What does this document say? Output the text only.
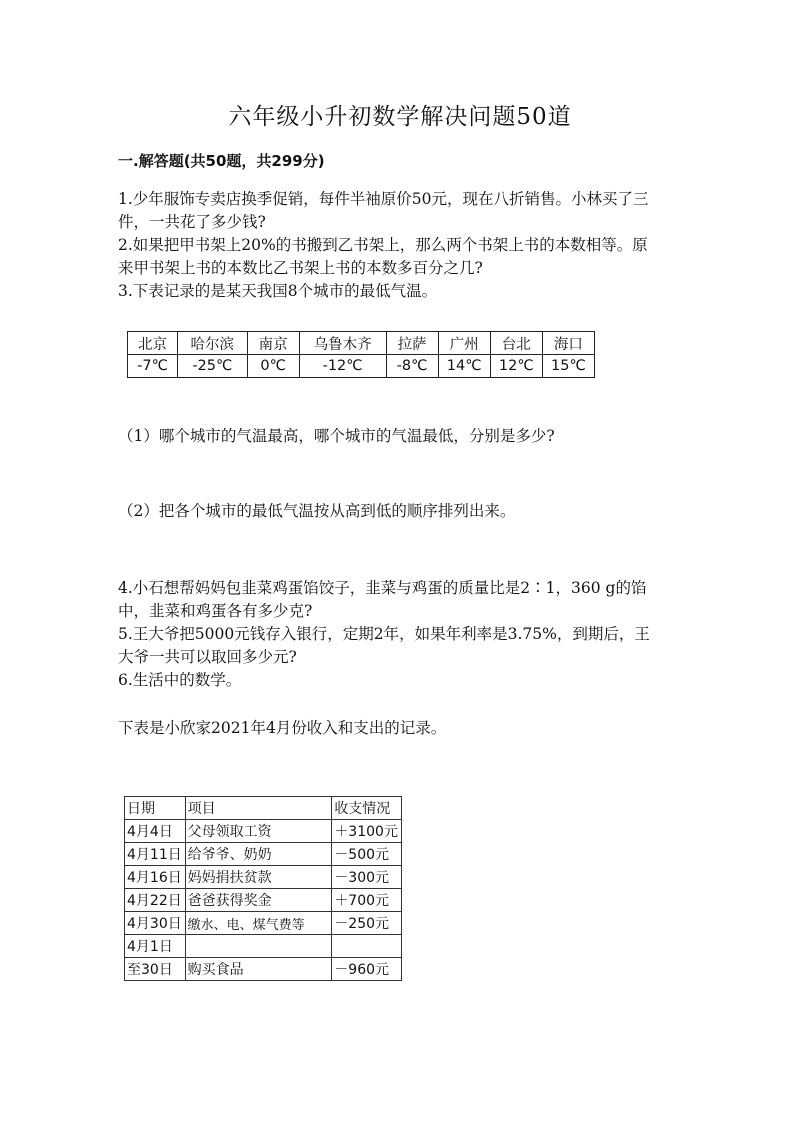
六年级小升初数学解决问题50道
一.解答题(共50题，共299分)
1.少年服饰专卖店换季促销，每件半袖原价50元，现在八折销售。小林买了三
件，一共花了多少钱?
2.如果把甲书架上20%的书搬到乙书架上，那么两个书架上书的本数相等。原
来甲书架上书的本数比乙书架上书的本数多百分之几?
3.下表记录的是某天我国8个城市的最低气温。
北京	哈尔滨	南京	乌鲁木齐	拉萨	广州	台北	海口
-7℃	-25℃	0℃	-12℃	-8℃	14℃	12℃	15℃
（1）哪个城市的气温最高，哪个城市的气温最低，分别是多少?
（2）把各个城市的最低气温按从高到低的顺序排列出来。
4.小石想帮妈妈包韭菜鸡蛋馅饺子，韭菜与鸡蛋的质量比是2∶1，360 g的馅
中，韭菜和鸡蛋各有多少克?
5.王大爷把5000元钱存入银行，定期2年，如果年利率是3.75%，到期后，王
大爷一共可以取回多少元?
6.生活中的数学。
下表是小欣家2021年4月份收入和支出的记录。
日期	项目	收支情况
4月4日	父母领取工资	＋3100元
4月11日	给爷爷、奶奶	－500元
4月16日	妈妈捐扶贫款	－300元
4月22日	爸爸获得奖金	＋700元
4月30日	缴水、电、煤气费等	－250元
4月1日		
至30日	购买食品	－960元
